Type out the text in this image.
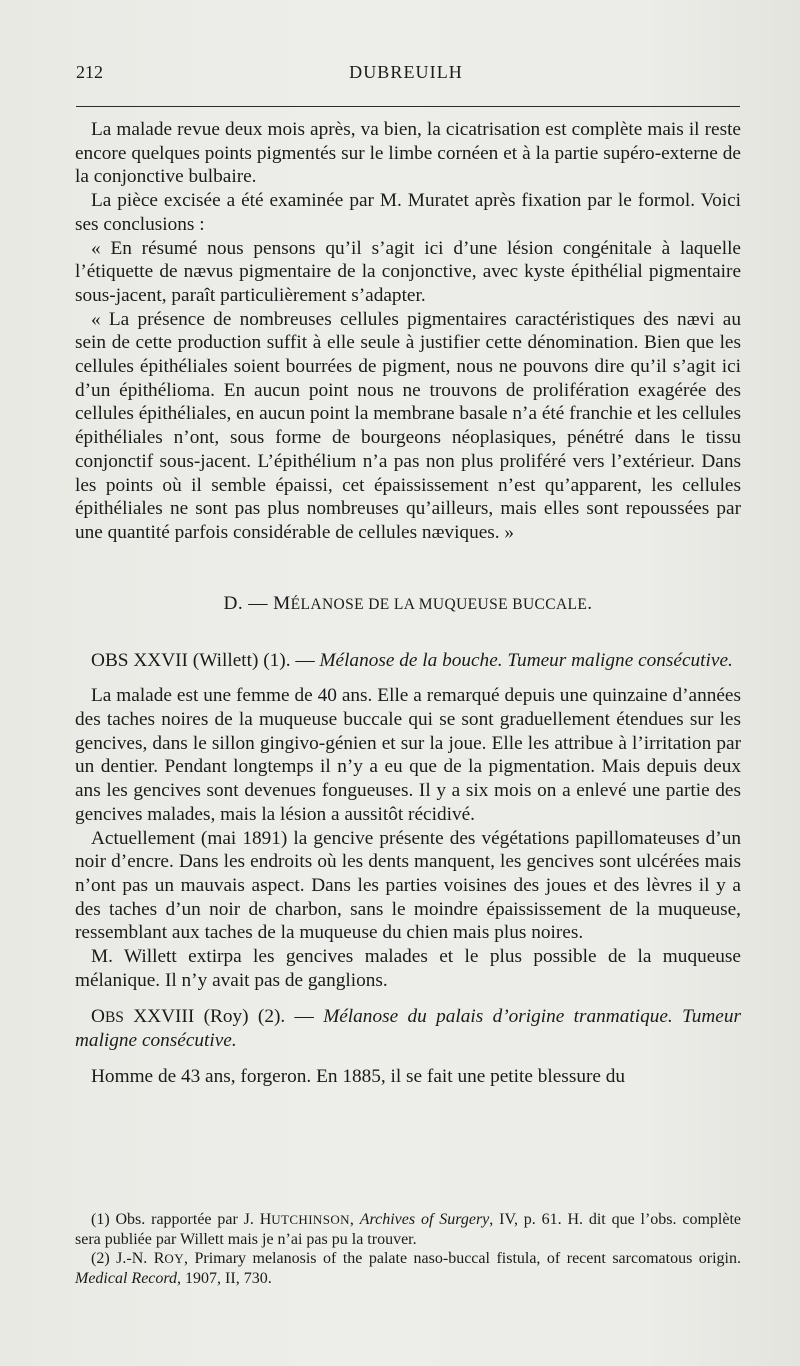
212	DUBREUILH

La malade revue deux mois après, va bien, la cicatrisation est complète mais il reste encore quelques points pigmentés sur le limbe cornéen et à la partie supéro-externe de la conjonctive bulbaire.

La pièce excisée a été examinée par M. Muratet après fixation par le formol. Voici ses conclusions :

« En résumé nous pensons qu’il s’agit ici d’une lésion congénitale à laquelle l’étiquette de nævus pigmentaire de la conjonctive, avec kyste épithélial pigmentaire sous-jacent, paraît particulièrement s’adapter.

« La présence de nombreuses cellules pigmentaires caractéristiques des nævi au sein de cette production suffit à elle seule à justifier cette dénomination. Bien que les cellules épithéliales soient bourrées de pigment, nous ne pouvons dire qu’il s’agit ici d’un épithélioma. En aucun point nous ne trouvons de prolifération exagérée des cellules épithéliales, en aucun point la membrane basale n’a été franchie et les cellules épithéliales n’ont, sous forme de bourgeons néoplasiques, pénétré dans le tissu conjonctif sous-jacent. L’épithélium n’a pas non plus proliféré vers l’extérieur. Dans les points où il semble épaissi, cet épaississement n’est qu’apparent, les cellules épithéliales ne sont pas plus nombreuses qu’ailleurs, mais elles sont repoussées par une quantité parfois considérable de cellules næviques. »

D. — MÉLANOSE DE LA MUQUEUSE BUCCALE.

OBS XXVII (Willett) (1). — Mélanose de la bouche. Tumeur maligne consécutive.

La malade est une femme de 40 ans. Elle a remarqué depuis une quinzaine d’années des taches noires de la muqueuse buccale qui se sont graduellement étendues sur les gencives, dans le sillon gingivo-génien et sur la joue. Elle les attribue à l’irritation par un dentier. Pendant longtemps il n’y a eu que de la pigmentation. Mais depuis deux ans les gencives sont devenues fongueuses. Il y a six mois on a enlevé une partie des gencives malades, mais la lésion a aussitôt récidivé.

Actuellement (mai 1891) la gencive présente des végétations papillomateuses d’un noir d’encre. Dans les endroits où les dents manquent, les gencives sont ulcérées mais n’ont pas un mauvais aspect. Dans les parties voisines des joues et des lèvres il y a des taches d’un noir de charbon, sans le moindre épaississement de la muqueuse, ressemblant aux taches de la muqueuse du chien mais plus noires.

M. Willett extirpa les gencives malades et le plus possible de la muqueuse mélanique. Il n’y avait pas de ganglions.

OBS XXVIII (Roy) (2). — Mélanose du palais d’origine tranmatique. Tumeur maligne consécutive.

Homme de 43 ans, forgeron. En 1885, il se fait une petite blessure du

(1) Obs. rapportée par J. HUTCHINSON, Archives of Surgery, IV, p. 61. H. dit que l’obs. complète sera publiée par Willett mais je n’ai pas pu la trouver.

(2) J.-N. ROY, Primary melanosis of the palate naso-buccal fistula, of recent sarcomatous origin. Medical Record, 1907, II, 730.
